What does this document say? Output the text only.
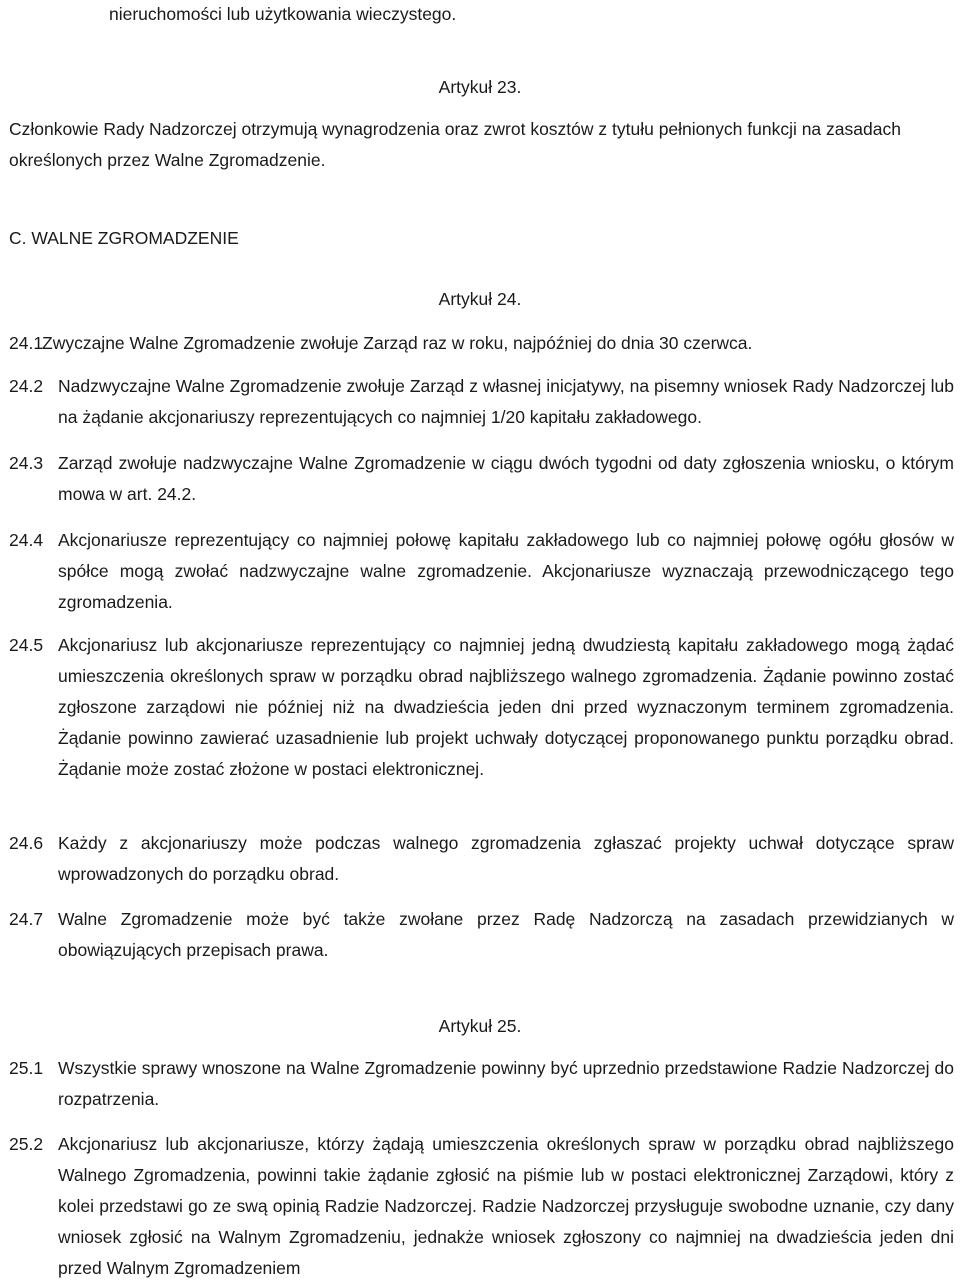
nieruchomości lub użytkowania wieczystego.
Artykuł 23.
Członkowie Rady Nadzorczej otrzymują wynagrodzenia oraz zwrot kosztów z tytułu pełnionych funkcji na zasadach określonych przez Walne Zgromadzenie.
C. WALNE ZGROMADZENIE
Artykuł 24.
24.1
Zwyczajne Walne Zgromadzenie zwołuje Zarząd raz w roku, najpóźniej do dnia 30 czerwca.
24.2 Nadzwyczajne Walne Zgromadzenie zwołuje Zarząd z własnej inicjatywy, na pisemny wniosek Rady Nadzorczej lub na żądanie akcjonariuszy reprezentujących co najmniej 1/20 kapitału zakładowego.
24.3 Zarząd zwołuje nadzwyczajne Walne Zgromadzenie w ciągu dwóch tygodni od daty zgłoszenia wniosku, o którym mowa w art. 24.2.
24.4 Akcjonariusze reprezentujący co najmniej połowę kapitału zakładowego lub co najmniej połowę ogółu głosów w spółce mogą zwołać nadzwyczajne walne zgromadzenie. Akcjonariusze wyznaczają przewodniczącego tego zgromadzenia.
24.5 Akcjonariusz lub akcjonariusze reprezentujący co najmniej jedną dwudziestą kapitału zakładowego mogą żądać umieszczenia określonych spraw w porządku obrad najbliższego walnego zgromadzenia. Żądanie powinno zostać zgłoszone zarządowi nie później niż na dwadzieścia jeden dni przed wyznaczonym terminem zgromadzenia. Żądanie powinno zawierać uzasadnienie lub projekt uchwały dotyczącej proponowanego punktu porządku obrad. Żądanie może zostać złożone w postaci elektronicznej.
24.6 Każdy z akcjonariuszy może podczas walnego zgromadzenia zgłaszać projekty uchwał dotyczące spraw wprowadzonych do porządku obrad.
24.7 Walne Zgromadzenie może być także zwołane przez Radę Nadzorczą na zasadach przewidzianych w obowiązujących przepisach prawa.
Artykuł 25.
25.1 Wszystkie sprawy wnoszone na Walne Zgromadzenie powinny być uprzednio przedstawione Radzie Nadzorczej do rozpatrzenia.
25.2 Akcjonariusz lub akcjonariusze, którzy żądają umieszczenia określonych spraw w porządku obrad najbliższego Walnego Zgromadzenia, powinni takie żądanie zgłosić na piśmie lub w postaci elektronicznej Zarządowi, który z kolei przedstawi go ze swą opinią Radzie Nadzorczej. Radzie Nadzorczej przysługuje swobodne uznanie, czy dany wniosek zgłosić na Walnym Zgromadzeniu, jednakże wniosek zgłoszony co najmniej na dwadzieścia jeden dni przed Walnym Zgromadzeniem
